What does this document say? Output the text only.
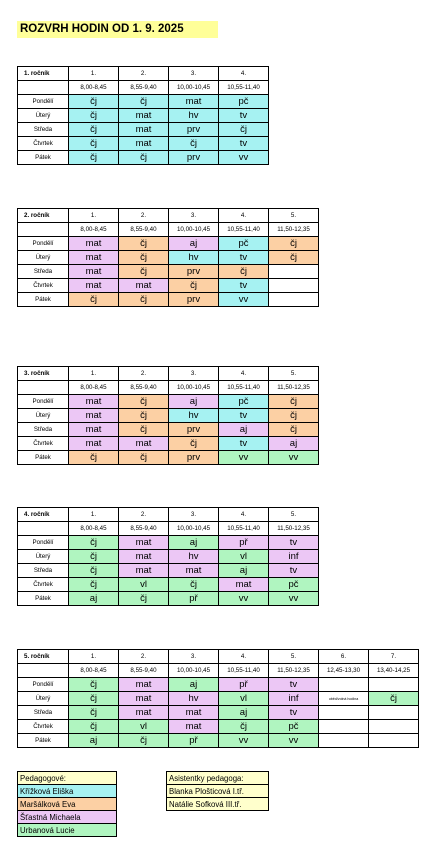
ROZVRH HODIN OD 1. 9. 2025
1. ročník	1.	2.	3.	4.
	8,00-8,45	8,55-9,40	10,00-10,45	10,55-11,40
Pondělí	čj	čj	mat	pč
Úterý	čj	mat	hv	tv
Středa	čj	mat	prv	čj
Čtvrtek	čj	mat	čj	tv
Pátek	čj	čj	prv	vv
2. ročník	1.	2.	3.	4.	5.
	8,00-8,45	8,55-9,40	10,00-10,45	10,55-11,40	11,50-12,35
Pondělí	mat	čj	aj	pč	čj
Úterý	mat	čj	hv	tv	čj
Středa	mat	čj	prv	čj	
Čtvrtek	mat	mat	čj	tv	
Pátek	čj	čj	prv	vv	
3. ročník	1.	2.	3.	4.	5.
	8,00-8,45	8,55-9,40	10,00-10,45	10,55-11,40	11,50-12,35
Pondělí	mat	čj	aj	pč	čj
Úterý	mat	čj	hv	tv	čj
Středa	mat	čj	prv	aj	čj
Čtvrtek	mat	mat	čj	tv	aj
Pátek	čj	čj	prv	vv	vv
4. ročník	1.	2.	3.	4.	5.
	8,00-8,45	8,55-9,40	10,00-10,45	10,55-11,40	11,50-12,35
Pondělí	čj	mat	aj	př	tv
Úterý	čj	mat	hv	vl	inf
Středa	čj	mat	mat	aj	tv
Čtvrtek	čj	vl	čj	mat	pč
Pátek	aj	čj	př	vv	vv
5. ročník	1.	2.	3.	4.	5.	6.	7.
	8,00-8,45	8,55-9,40	10,00-10,45	10,55-11,40	11,50-12,35	12,45-13,30	13,40-14,25
Pondělí	čj	mat	aj	př	tv		
Úterý	čj	mat	hv	vl	inf	oběd/volná hodina	čj
Středa	čj	mat	mat	aj	tv		
Čtvrtek	čj	vl	mat	čj	pč		
Pátek	aj	čj	př	vv	vv		
Pedagogové:
Křížková Eliška
Maršálková Eva
Šťastná Michaela
Urbanová Lucie
Asistentky pedagoga:
Blanka Plošticová I.tř.
Natálie Sofková III.tř.
